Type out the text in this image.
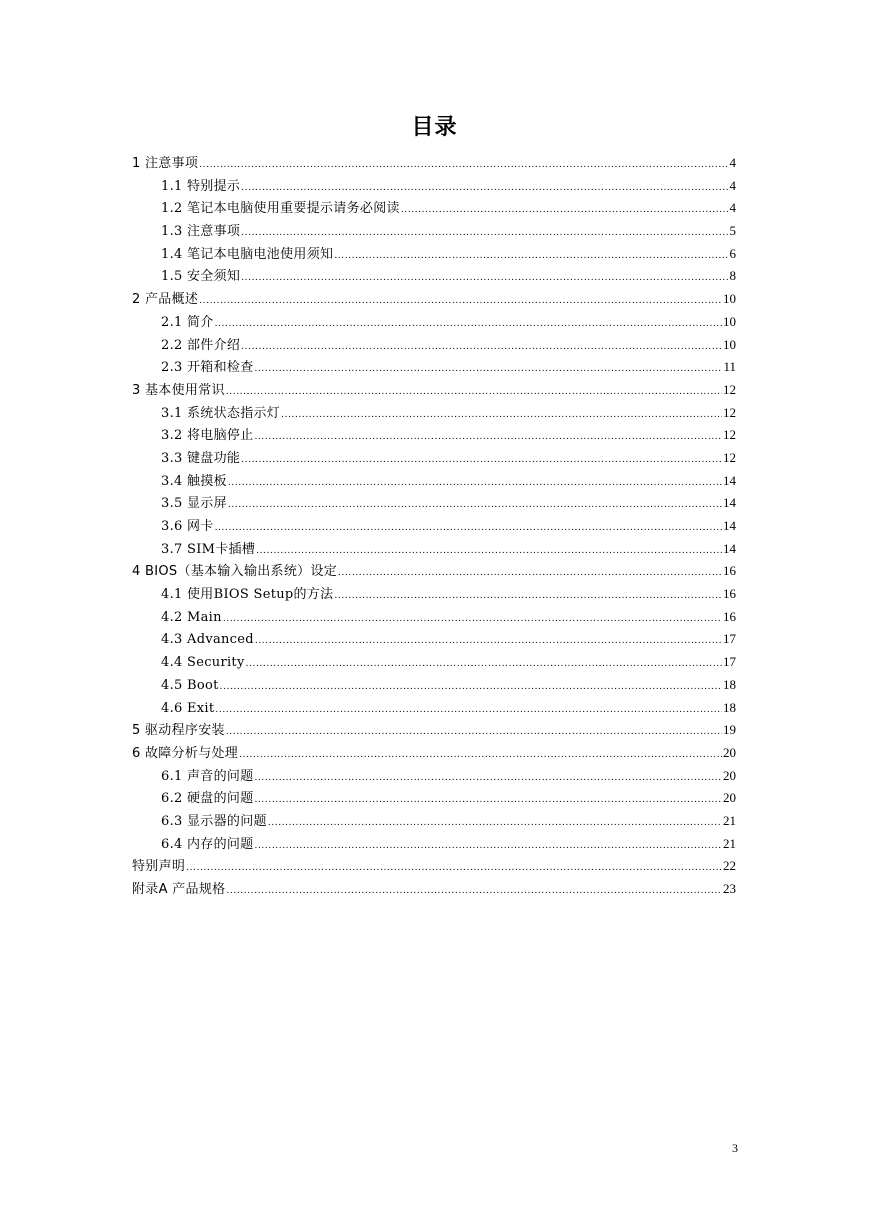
目录
1 注意事项 .....	4
1.1 特别提示 .....	4
1.2 笔记本电脑使用重要提示请务必阅读 .....	4
1.3 注意事项 .....	5
1.4 笔记本电脑电池使用须知 .....	6
1.5 安全须知 .....	8
2 产品概述 .....	10
2.1 简介 .....	10
2.2 部件介绍 .....	10
2.3 开箱和检查 .....	11
3 基本使用常识 .....	12
3.1 系统状态指示灯 .....	12
3.2 将电脑停止 .....	12
3.3 键盘功能 .....	12
3.4 触摸板 .....	14
3.5 显示屏 .....	14
3.6 网卡 .....	14
3.7 SIM卡插槽 .....	14
4 BIOS（基本输入输出系统）设定 .....	16
4.1 使用BIOS Setup的方法 .....	16
4.2 Main .....	16
4.3 Advanced .....	17
4.4 Security .....	17
4.5 Boot .....	18
4.6 Exit .....	18
5 驱动程序安装 .....	19
6 故障分析与处理 .....	20
6.1 声音的问题 .....	20
6.2 硬盘的问题 .....	20
6.3 显示器的问题 .....	21
6.4 内存的问题 .....	21
特别声明 .....	22
附录A 产品规格 .....	23
3
